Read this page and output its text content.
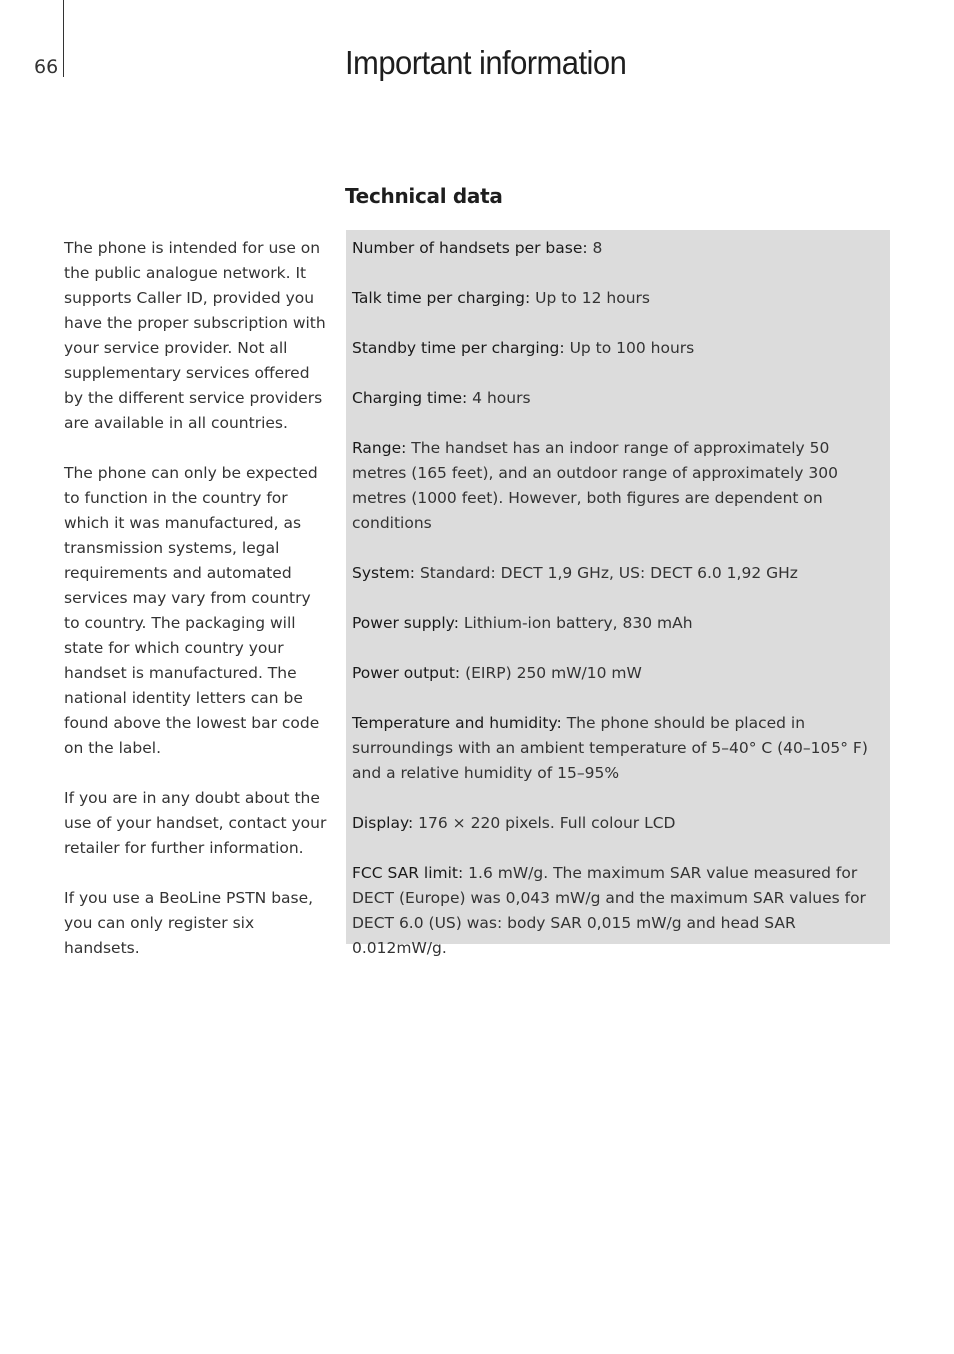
66	Important information
Technical data

The phone is intended for use on the public analogue network. It supports Caller ID, provided you have the proper subscription with your service provider. Not all supplementary services offered by the different service providers are available in all countries.

The phone can only be expected to function in the country for which it was manufactured, as transmission systems, legal requirements and automated services may vary from country to country. The packaging will state for which country your handset is manufactured. The national identity letters can be found above the lowest bar code on the label.

If you are in any doubt about the use of your handset, contact your retailer for further information.

If you use a BeoLine PSTN base, you can only register six handsets.

Number of handsets per base: 8

Talk time per charging: Up to 12 hours

Standby time per charging: Up to 100 hours

Charging time: 4 hours

Range: The handset has an indoor range of approximately 50 metres (165 feet), and an outdoor range of approximately 300 metres (1000 feet). However, both figures are dependent on conditions

System: Standard: DECT 1,9 GHz, US: DECT 6.0 1,92 GHz

Power supply: Lithium-ion battery, 830 mAh

Power output: (EIRP) 250 mW/10 mW

Temperature and humidity: The phone should be placed in surroundings with an ambient temperature of 5–40° C (40–105° F) and a relative humidity of 15–95%

Display: 176 × 220 pixels. Full colour LCD

FCC SAR limit: 1.6 mW/g. The maximum SAR value measured for DECT (Europe) was 0,043 mW/g and the maximum SAR values for DECT 6.0 (US) was: body SAR 0,015 mW/g and head SAR 0.012mW/g.
